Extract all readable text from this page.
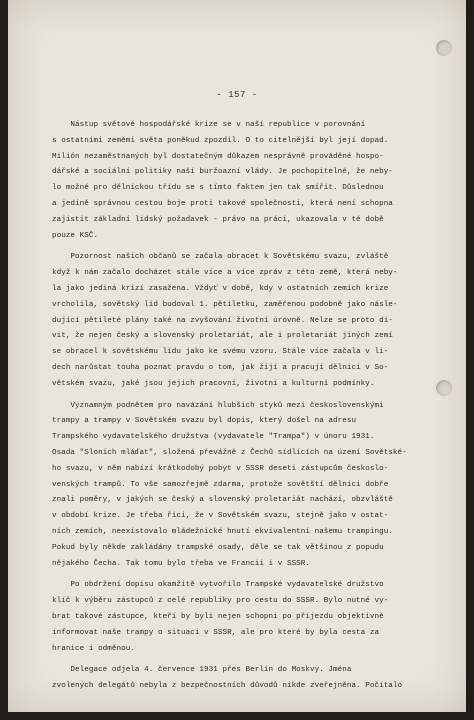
- 157 -
Nástup světové hospodářské krize se v naší republice v porovnání
s ostatními zeměmi světa poněkud zpozdil. O to citelnější byl její dopad.
Milión nezaměstnaných byl dostatečným důkazem nesprávně prováděné hospo-
dářské a sociální politiky naší buržoazní vlády. Je pochopitelné, že neby-
lo možné pro dělnickou třídu se s tímto faktem jen tak smířit. Důslednou
a jedině správnou cestou boje proti takové společnosti, která není schopna
zajistit základní lidský požadavek - právo na práci, ukazovala v té době
pouze KSČ.
Pozornost našich občanů se začala obracet k Sovětskému svazu, zvláště
když k nám začalo docházet stále více a více zpráv z této země, která neby-
la jako jediná krizí zasažena. Vždyť v době, kdy v ostatních zemích krize
vrcholila, sovětský lid budoval 1. pětiletku, zaměřenou podobně jako násle-
dující pětileté plány také na zvyšování životní úrovně. Nelze se proto di-
vit, že nejen český a slovenský proletariát, ale i proletariát jiných zemí
se obracel k sovětskému lidu jako ke svému vzoru. Stále více začala v li-
dech narůstat touha poznat pravdu o tom, jak žijí a pracují dělníci v So-
větském svazu, jaké jsou jejich pracovní, životní a kulturní podmínky.
Významným podnětem pro navázání hlubších styků mezi československými
trampy a trampy v Sovětském svazu byl dopis, který došel na adresu
Trampského vydavatelského družstva (vydavatele "Trampa") v únoru 1931.
Osada "Sloních mláďat", složená převážně z Čechů sídlících na území Sovětské-
ho svazu, v něm nabízí krátkodobý pobyt v SSSR deseti zástupcům českoslo-
venských trampů. To vše samozřejmě zdarma, protože sovětští dělníci dobře
znali poměry, v jakých se český a slovenský proletariát nachází, obzvláště
v období krize. Je třeba říci, že v Sovětském svazu, stejně jako v ostat-
ních zemích, neexistovalo mládežnické hnutí ekvivalentní našemu trampingu.
Pokud byly někde zakládány trampské osady, děle se tak většinou z popudu
nějakého Čecha. Tak tomu bylo třeba ve Francii i v SSSR.
Po obdržení dopisu okamžitě vytvořilo Trampské vydavatelské družstvo
klíč k výběru zástupců z celé republiky pro cestu do SSSR. Bylo nutné vy-
brat takové zástupce, kteří by byli nejen schopni po příjezdu objektivně
informovat naše trampy o situaci v SSSR, ale pro které by byla cesta za
hranice i odměnou.
Delegace odjela 4. července 1931 přes Berlín do Moskvy. Jména
zvolených delegátů nebyla z bezpečnostních důvodů nikde zveřejněna. Počítalo
